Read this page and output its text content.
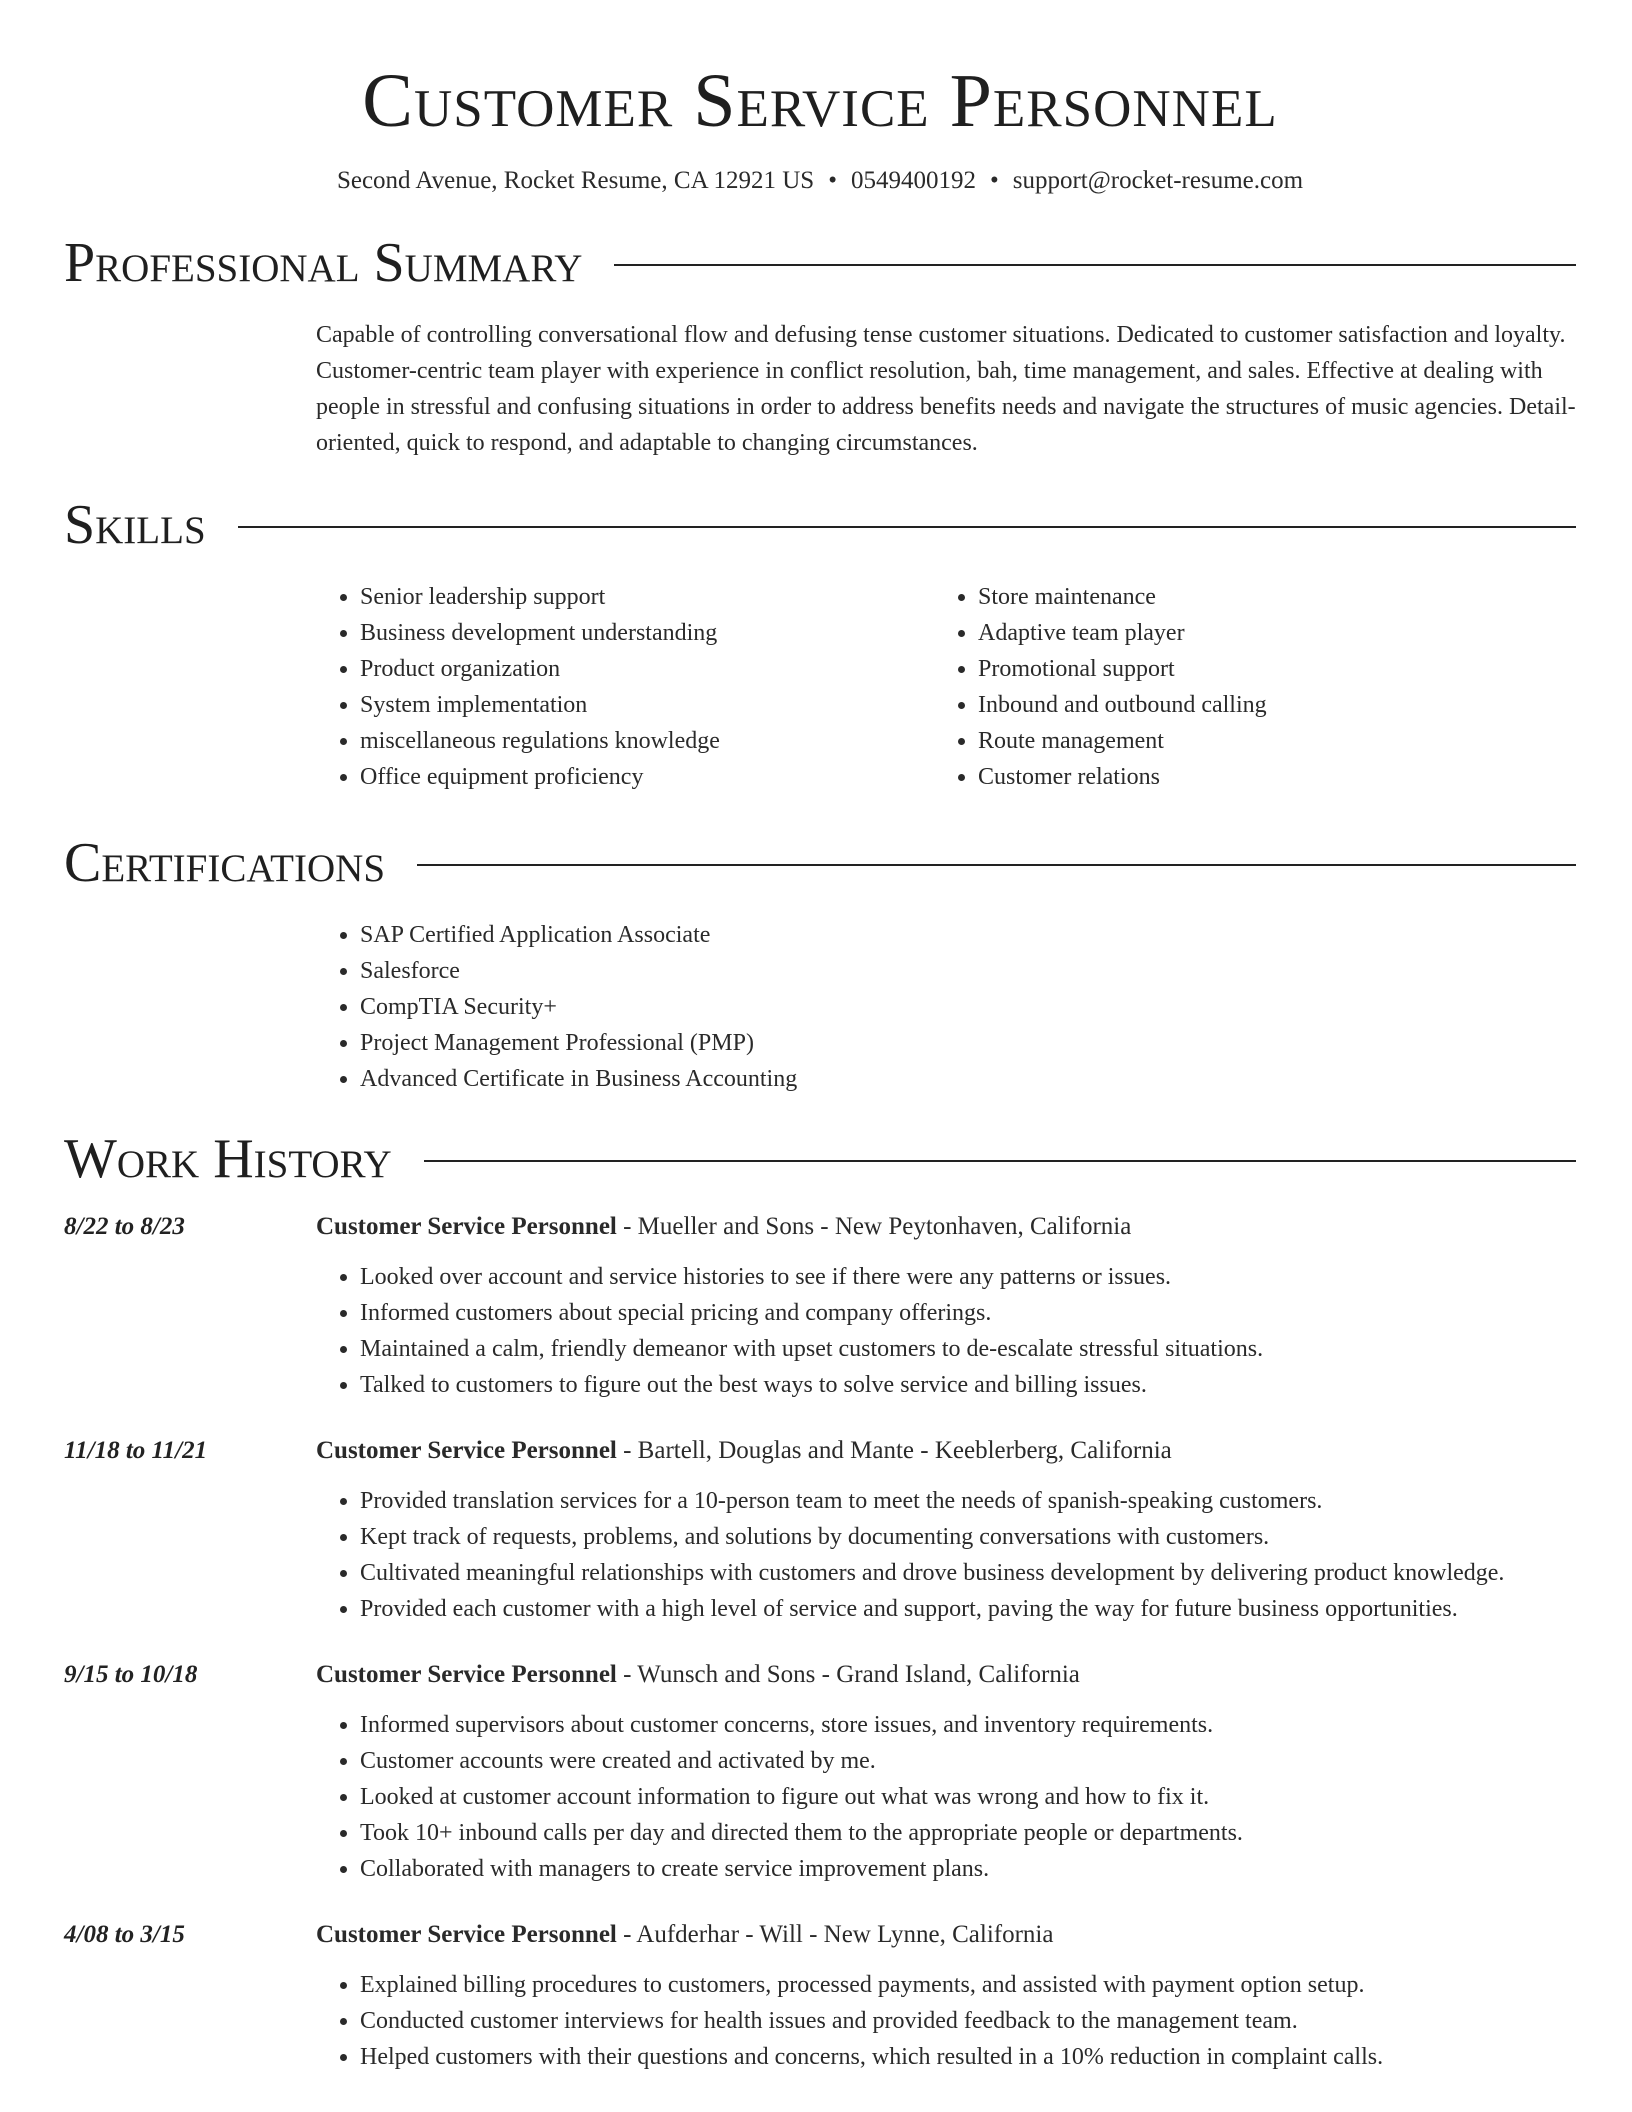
Customer Service Personnel
Second Avenue, Rocket Resume, CA 12921 US • 0549400192 • support@rocket-resume.com
Professional Summary
Capable of controlling conversational flow and defusing tense customer situations. Dedicated to customer satisfaction and loyalty. Customer-centric team player with experience in conflict resolution, bah, time management, and sales. Effective at dealing with people in stressful and confusing situations in order to address benefits needs and navigate the structures of music agencies. Detail-oriented, quick to respond, and adaptable to changing circumstances.
Skills
• Senior leadership support
• Business development understanding
• Product organization
• System implementation
• miscellaneous regulations knowledge
• Office equipment proficiency
• Store maintenance
• Adaptive team player
• Promotional support
• Inbound and outbound calling
• Route management
• Customer relations
Certifications
• SAP Certified Application Associate
• Salesforce
• CompTIA Security+
• Project Management Professional (PMP)
• Advanced Certificate in Business Accounting
Work History
8/22 to 8/23	Customer Service Personnel - Mueller and Sons - New Peytonhaven, California
• Looked over account and service histories to see if there were any patterns or issues.
• Informed customers about special pricing and company offerings.
• Maintained a calm, friendly demeanor with upset customers to de-escalate stressful situations.
• Talked to customers to figure out the best ways to solve service and billing issues.
11/18 to 11/21	Customer Service Personnel - Bartell, Douglas and Mante - Keeblerberg, California
• Provided translation services for a 10-person team to meet the needs of spanish-speaking customers.
• Kept track of requests, problems, and solutions by documenting conversations with customers.
• Cultivated meaningful relationships with customers and drove business development by delivering product knowledge.
• Provided each customer with a high level of service and support, paving the way for future business opportunities.
9/15 to 10/18	Customer Service Personnel - Wunsch and Sons - Grand Island, California
• Informed supervisors about customer concerns, store issues, and inventory requirements.
• Customer accounts were created and activated by me.
• Looked at customer account information to figure out what was wrong and how to fix it.
• Took 10+ inbound calls per day and directed them to the appropriate people or departments.
• Collaborated with managers to create service improvement plans.
4/08 to 3/15	Customer Service Personnel - Aufderhar - Will - New Lynne, California
• Explained billing procedures to customers, processed payments, and assisted with payment option setup.
• Conducted customer interviews for health issues and provided feedback to the management team.
• Helped customers with their questions and concerns, which resulted in a 10% reduction in complaint calls.
